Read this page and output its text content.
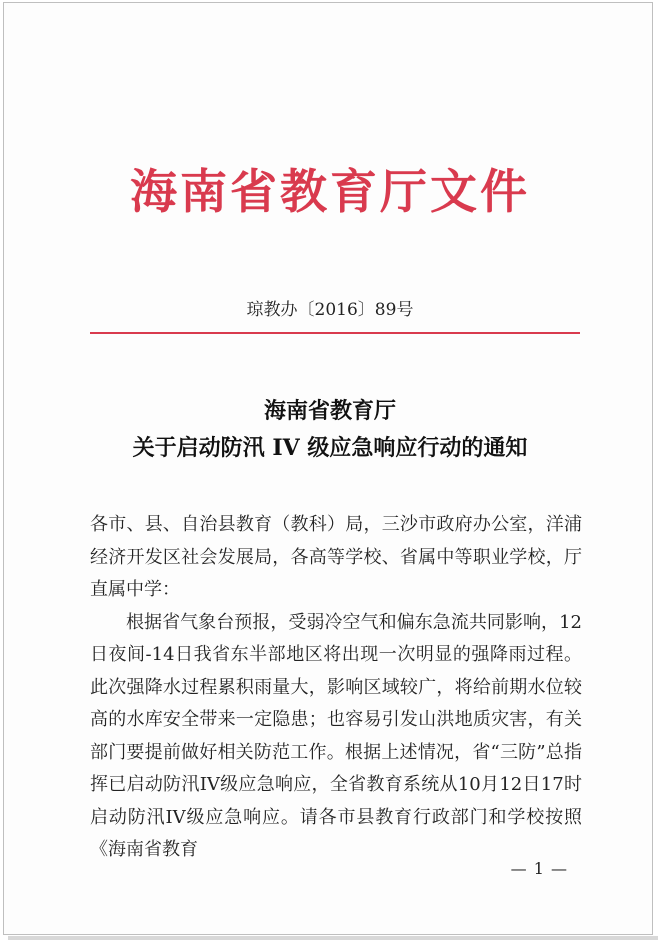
海南省教育厅文件
琼教办〔2016〕89号
海南省教育厅
关于启动防汛 IV 级应急响应行动的通知

各市、县、自治县教育（教科）局，三沙市政府办公室，洋浦经济开发区社会发展局，各高等学校、省属中等职业学校，厅直属中学：

根据省气象台预报，受弱冷空气和偏东急流共同影响，12日夜间-14日我省东半部地区将出现一次明显的强降雨过程。此次强降水过程累积雨量大，影响区域较广，将给前期水位较高的水库安全带来一定隐患；也容易引发山洪地质灾害，有关部门要提前做好相关防范工作。根据上述情况，省“三防”总指挥已启动防汛IV级应急响应，全省教育系统从10月12日17时启动防汛IV级应急响应。请各市县教育行政部门和学校按照《海南省教育

— 1 —
